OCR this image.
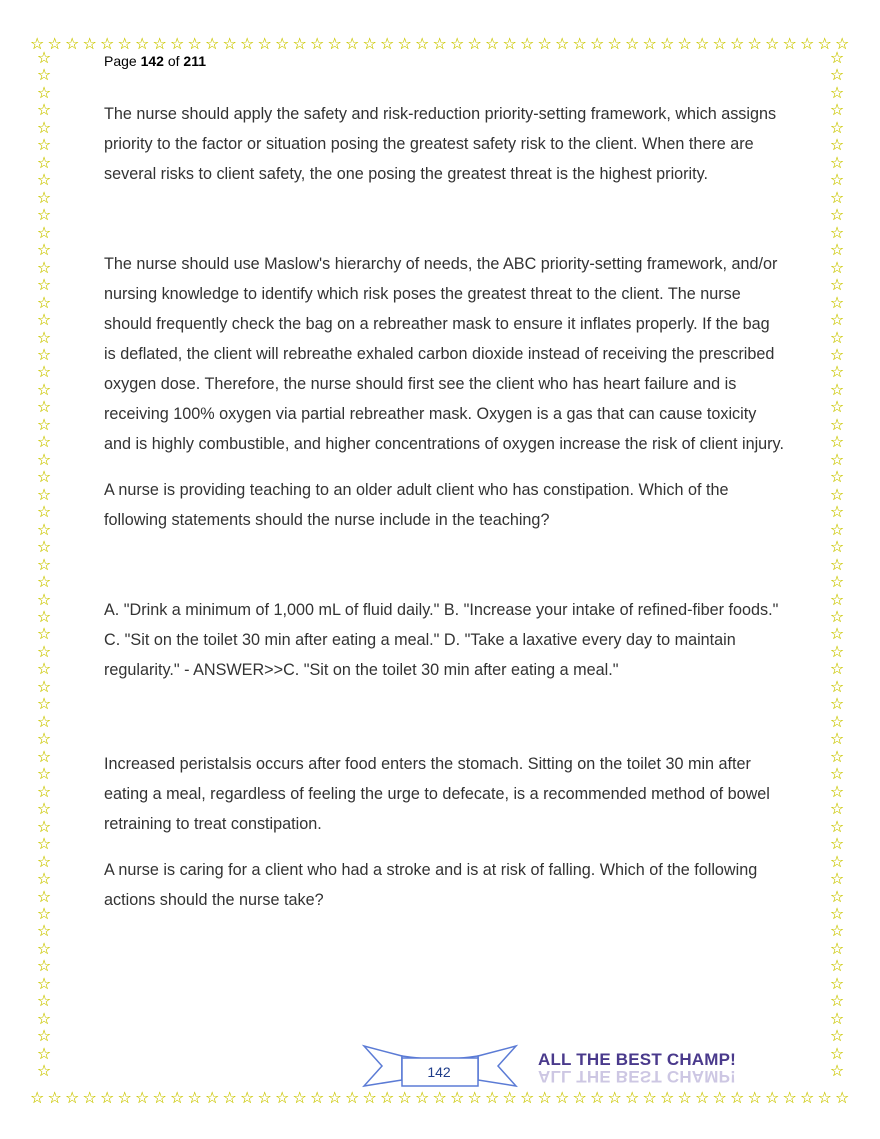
☆ ☆ ☆ ☆ ☆ ☆ ☆ ☆ ☆ ☆ ☆ ☆ ☆ ☆ ☆ ☆ ☆ ☆ ☆ ☆ ☆ ☆ ☆ ☆ ☆ ☆ ☆ ☆ ☆ ☆ ☆ ☆ ☆ ☆ ☆ ☆ ☆ ☆ ☆ ☆ ☆ ☆ ☆ ☆ ☆ ☆ ☆
☆ ☆ ☆ ☆ ☆ ☆ ☆ ☆ ☆ ☆ ☆ ☆ ☆ ☆ ☆ ☆ ☆ ☆ ☆ ☆ ☆ ☆ ☆ ☆ ☆ ☆ ☆ ☆ ☆ ☆ ☆ ☆ ☆ ☆ ☆ ☆ ☆ ☆ ☆ ☆ ☆ ☆ ☆ ☆ ☆ ☆ ☆
☆
☆
☆
☆
☆
☆
☆
☆
☆
☆
☆
☆
☆
☆
☆
☆
☆
☆
☆
☆
☆
☆
☆
☆
☆
☆
☆
☆
☆
☆
☆
☆
☆
☆
☆
☆
☆
☆
☆
☆
☆
☆
☆
☆
☆
☆
☆
☆
☆
☆
☆
☆
☆
☆
☆
☆
☆
☆
☆
☆
☆
☆
☆
☆
☆
☆
☆
☆
☆
☆
☆
☆
☆
☆
☆
☆
☆
☆
☆
☆
☆
☆
☆
☆
☆
☆
☆
☆
☆
☆
☆
☆
☆
☆
☆
☆
☆
☆
☆
☆
☆
☆
☆
☆
☆
☆
☆
☆
☆
☆
☆
☆
☆
☆
☆
☆
☆
☆
Page 142 of 211

The nurse should apply the safety and risk-reduction priority-setting framework, which assigns priority to the factor or situation posing the greatest safety risk to the client. When there are several risks to client safety, the one posing the greatest threat is the highest priority.

The nurse should use Maslow's hierarchy of needs, the ABC priority-setting framework, and/or nursing knowledge to identify which risk poses the greatest threat to the client. The nurse should frequently check the bag on a rebreather mask to ensure it inflates properly. If the bag is deflated, the client will rebreathe exhaled carbon dioxide instead of receiving the prescribed oxygen dose. Therefore, the nurse should first see the client who has heart failure and is receiving 100% oxygen via partial rebreather mask. Oxygen is a gas that can cause toxicity and is highly combustible, and higher concentrations of oxygen increase the risk of client injury.

A nurse is providing teaching to an older adult client who has constipation. Which of the following statements should the nurse include in the teaching?

A. "Drink a minimum of 1,000 mL of fluid daily." B. "Increase your intake of refined-fiber foods." C. "Sit on the toilet 30 min after eating a meal." D. "Take a laxative every day to maintain regularity." - ANSWER>>C. "Sit on the toilet 30 min after eating a meal."

Increased peristalsis occurs after food enters the stomach. Sitting on the toilet 30 min after eating a meal, regardless of feeling the urge to defecate, is a recommended method of bowel retraining to treat constipation.

A nurse is caring for a client who had a stroke and is at risk of falling. Which of the following actions should the nurse take?

142
ALL THE BEST CHAMP!
ALL THE BEST CHAMP!
